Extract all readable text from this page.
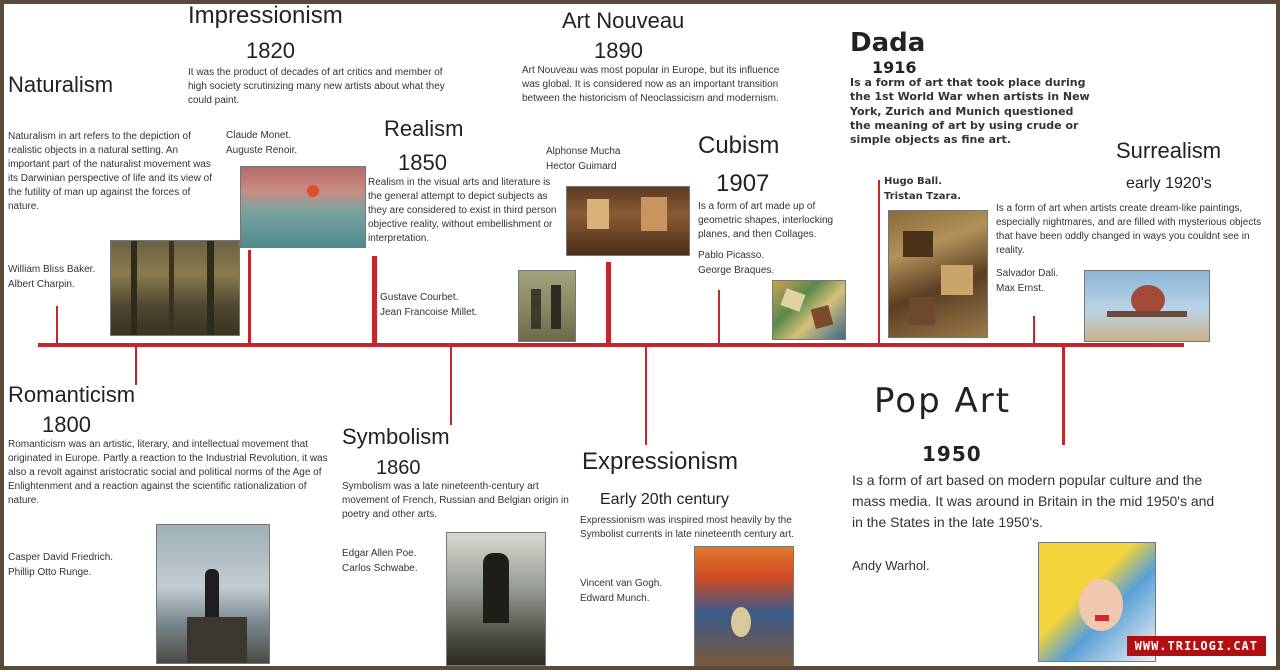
Naturalism
Naturalism in art refers to the depiction of realistic objects in a natural setting. An important part of the naturalist movement was its Darwinian perspective of life and its view of the futility of man up against the forces of nature.
William Bliss Baker.
Albert Charpin.
Impressionism
1820
It was the product of decades of art critics and member of high society scrutinizing many new artists about what they could paint.
Claude Monet.
Auguste Renoir.
Realism
1850
Realism in the visual arts and literature is the general attempt to depict subjects as they are considered to exist in third person objective reality, without embellishment or interpretation.
Gustave Courbet.
Jean Francoise Millet.
Art Nouveau
1890
Art Nouveau was most popular in Europe, but its influence was global. It is considered now as an important transition between the historicism of Neoclassicism and modernism.
Alphonse Mucha
Hector Guimard
Cubism
1907
Is a form of art made up of geometric shapes, interlocking planes, and then Collages.
Pablo Picasso.
George Braques.
Dada
1916
Is a form of art that took place during the 1st World War when artists in New York, Zurich and Munich questioned the meaning of art by using crude or simple objects as fine art.
Hugo Ball.
Tristan Tzara.
Surrealism
early 1920's
Is a form of art when artists create dream-like paintings, especially nightmares, and are filled with mysterious objects that have been oddly changed in ways you couldnt see in reality.
Salvador Dali.
Max Ernst.
Romanticism
1800
Romanticism was an artistic, literary, and intellectual movement that originated in Europe. Partly a reaction to the Industrial Revolution, it was also a revolt against aristocratic social and political norms of the Age of Enlightenment and a reaction against the scientific rationalization of nature.
Casper David Friedrich.
Phillip Otto Runge.
Symbolism
1860
Symbolism was a late nineteenth-century art movement of French, Russian and Belgian origin in poetry and other arts.
Edgar Allen Poe.
Carlos Schwabe.
Expressionism
Early 20th century
Expressionism was inspired most heavily by the Symbolist currents in late nineteenth century art.
Vincent van Gogh.
Edward Munch.
Pop Art
1950
Is a form of art based on modern popular culture and the mass media. It was around in Britain in the mid 1950's and in the States in the late 1950's.
Andy Warhol.
WWW.TRILOGI.CAT
